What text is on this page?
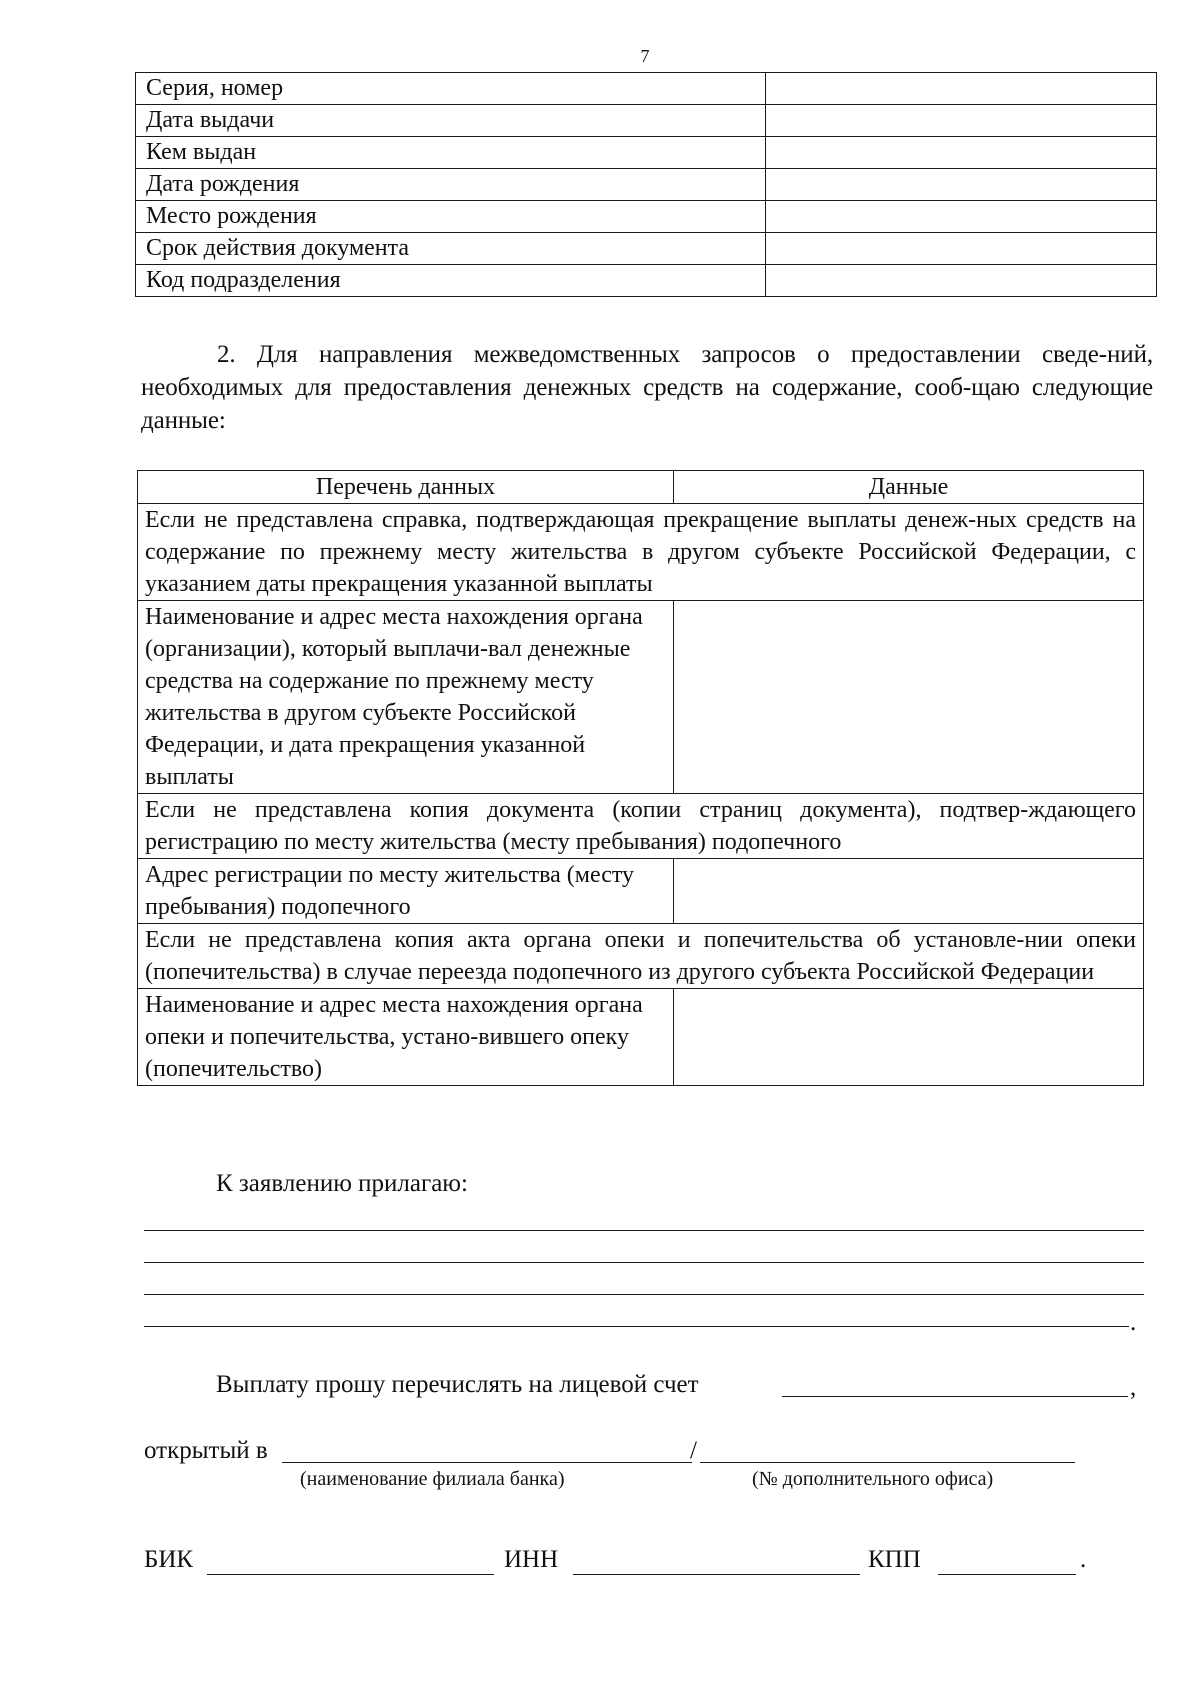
7
Серия, номер	
Дата выдачи	
Кем выдан	
Дата рождения	
Место рождения	
Срок действия документа	
Код подразделения	
2. Для направления межведомственных запросов о предоставлении сведе-ний, необходимых для предоставления денежных средств на содержание, сооб-щаю следующие данные:
Перечень данных	Данные
Если не представлена справка, подтверждающая прекращение выплаты денеж-ных средств на содержание по прежнему месту жительства в другом субъекте Российской Федерации, с указанием даты прекращения указанной выплаты	
Наименование и адрес места нахождения органа (организации), который выплачи-вал денежные средства на содержание по прежнему месту жительства в другом субъекте Российской Федерации, и дата прекращения указанной выплаты	
Если не представлена копия документа (копии страниц документа), подтвер-ждающего регистрацию по месту жительства (месту пребывания) подопечного	
Адрес регистрации по месту жительства (месту пребывания) подопечного	
Если не представлена копия акта органа опеки и попечительства об установле-нии опеки (попечительства) в случае переезда подопечного из другого субъекта Российской Федерации	
Наименование и адрес места нахождения органа опеки и попечительства, устано-вившего опеку (попечительство)	
К заявлению прилагаю:
.
Выплату прошу перечислять на лицевой счет	,
открытый в	/
(наименование филиала банка)	(№ дополнительного офиса)
БИК	ИНН	КПП	.
